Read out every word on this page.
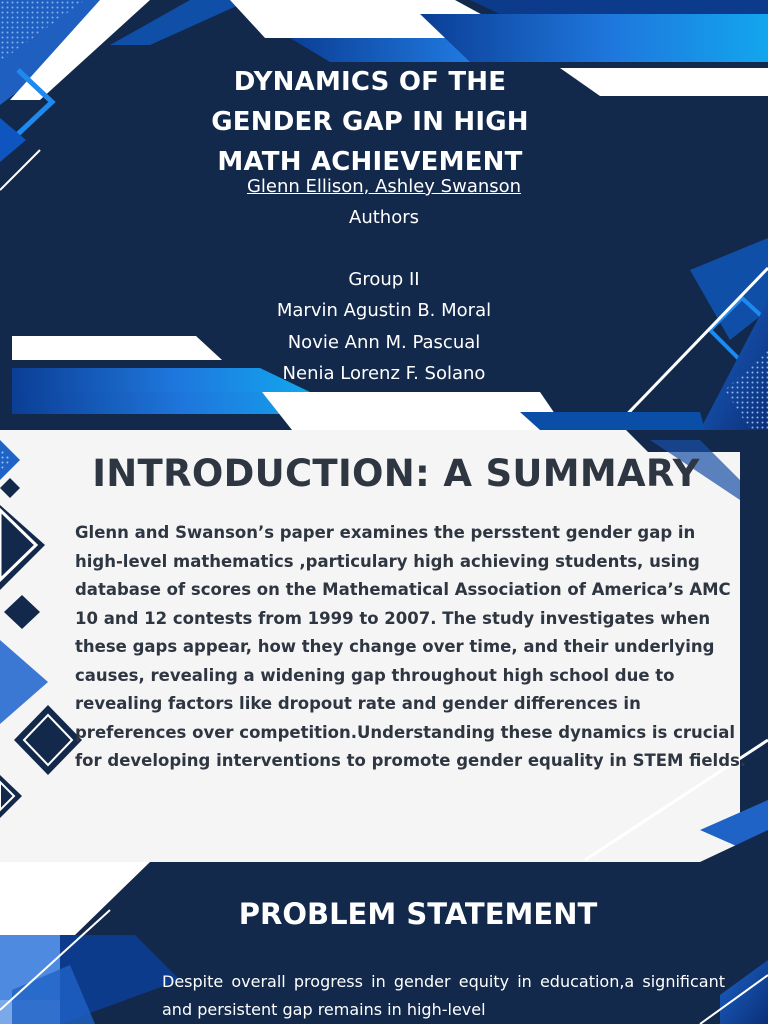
DYNAMICS OF THE
GENDER GAP IN HIGH
MATH ACHIEVEMENT
Glenn Ellison, Ashley Swanson
Authors
Group II
Marvin Agustin B. Moral
Novie Ann M. Pascual
Nenia Lorenz F. Solano
INTRODUCTION: A SUMMARY

Glenn and Swanson’s paper examines the persstent gender gap in high-level mathematics ,particulary high achieving students, using database of scores on the Mathematical Association of America’s AMC 10 and 12 contests from 1999 to 2007. The study investigates when these gaps appear, how they change over time, and their underlying causes, revealing a widening gap throughout high school due to revealing factors like dropout rate and gender differences in preferences over competition.Understanding these dynamics is crucial for developing interventions to promote gender equality in STEM fields.

PROBLEM STATEMENT

Despite overall progress in gender equity in education,a significant and persistent gap remains in high-level
